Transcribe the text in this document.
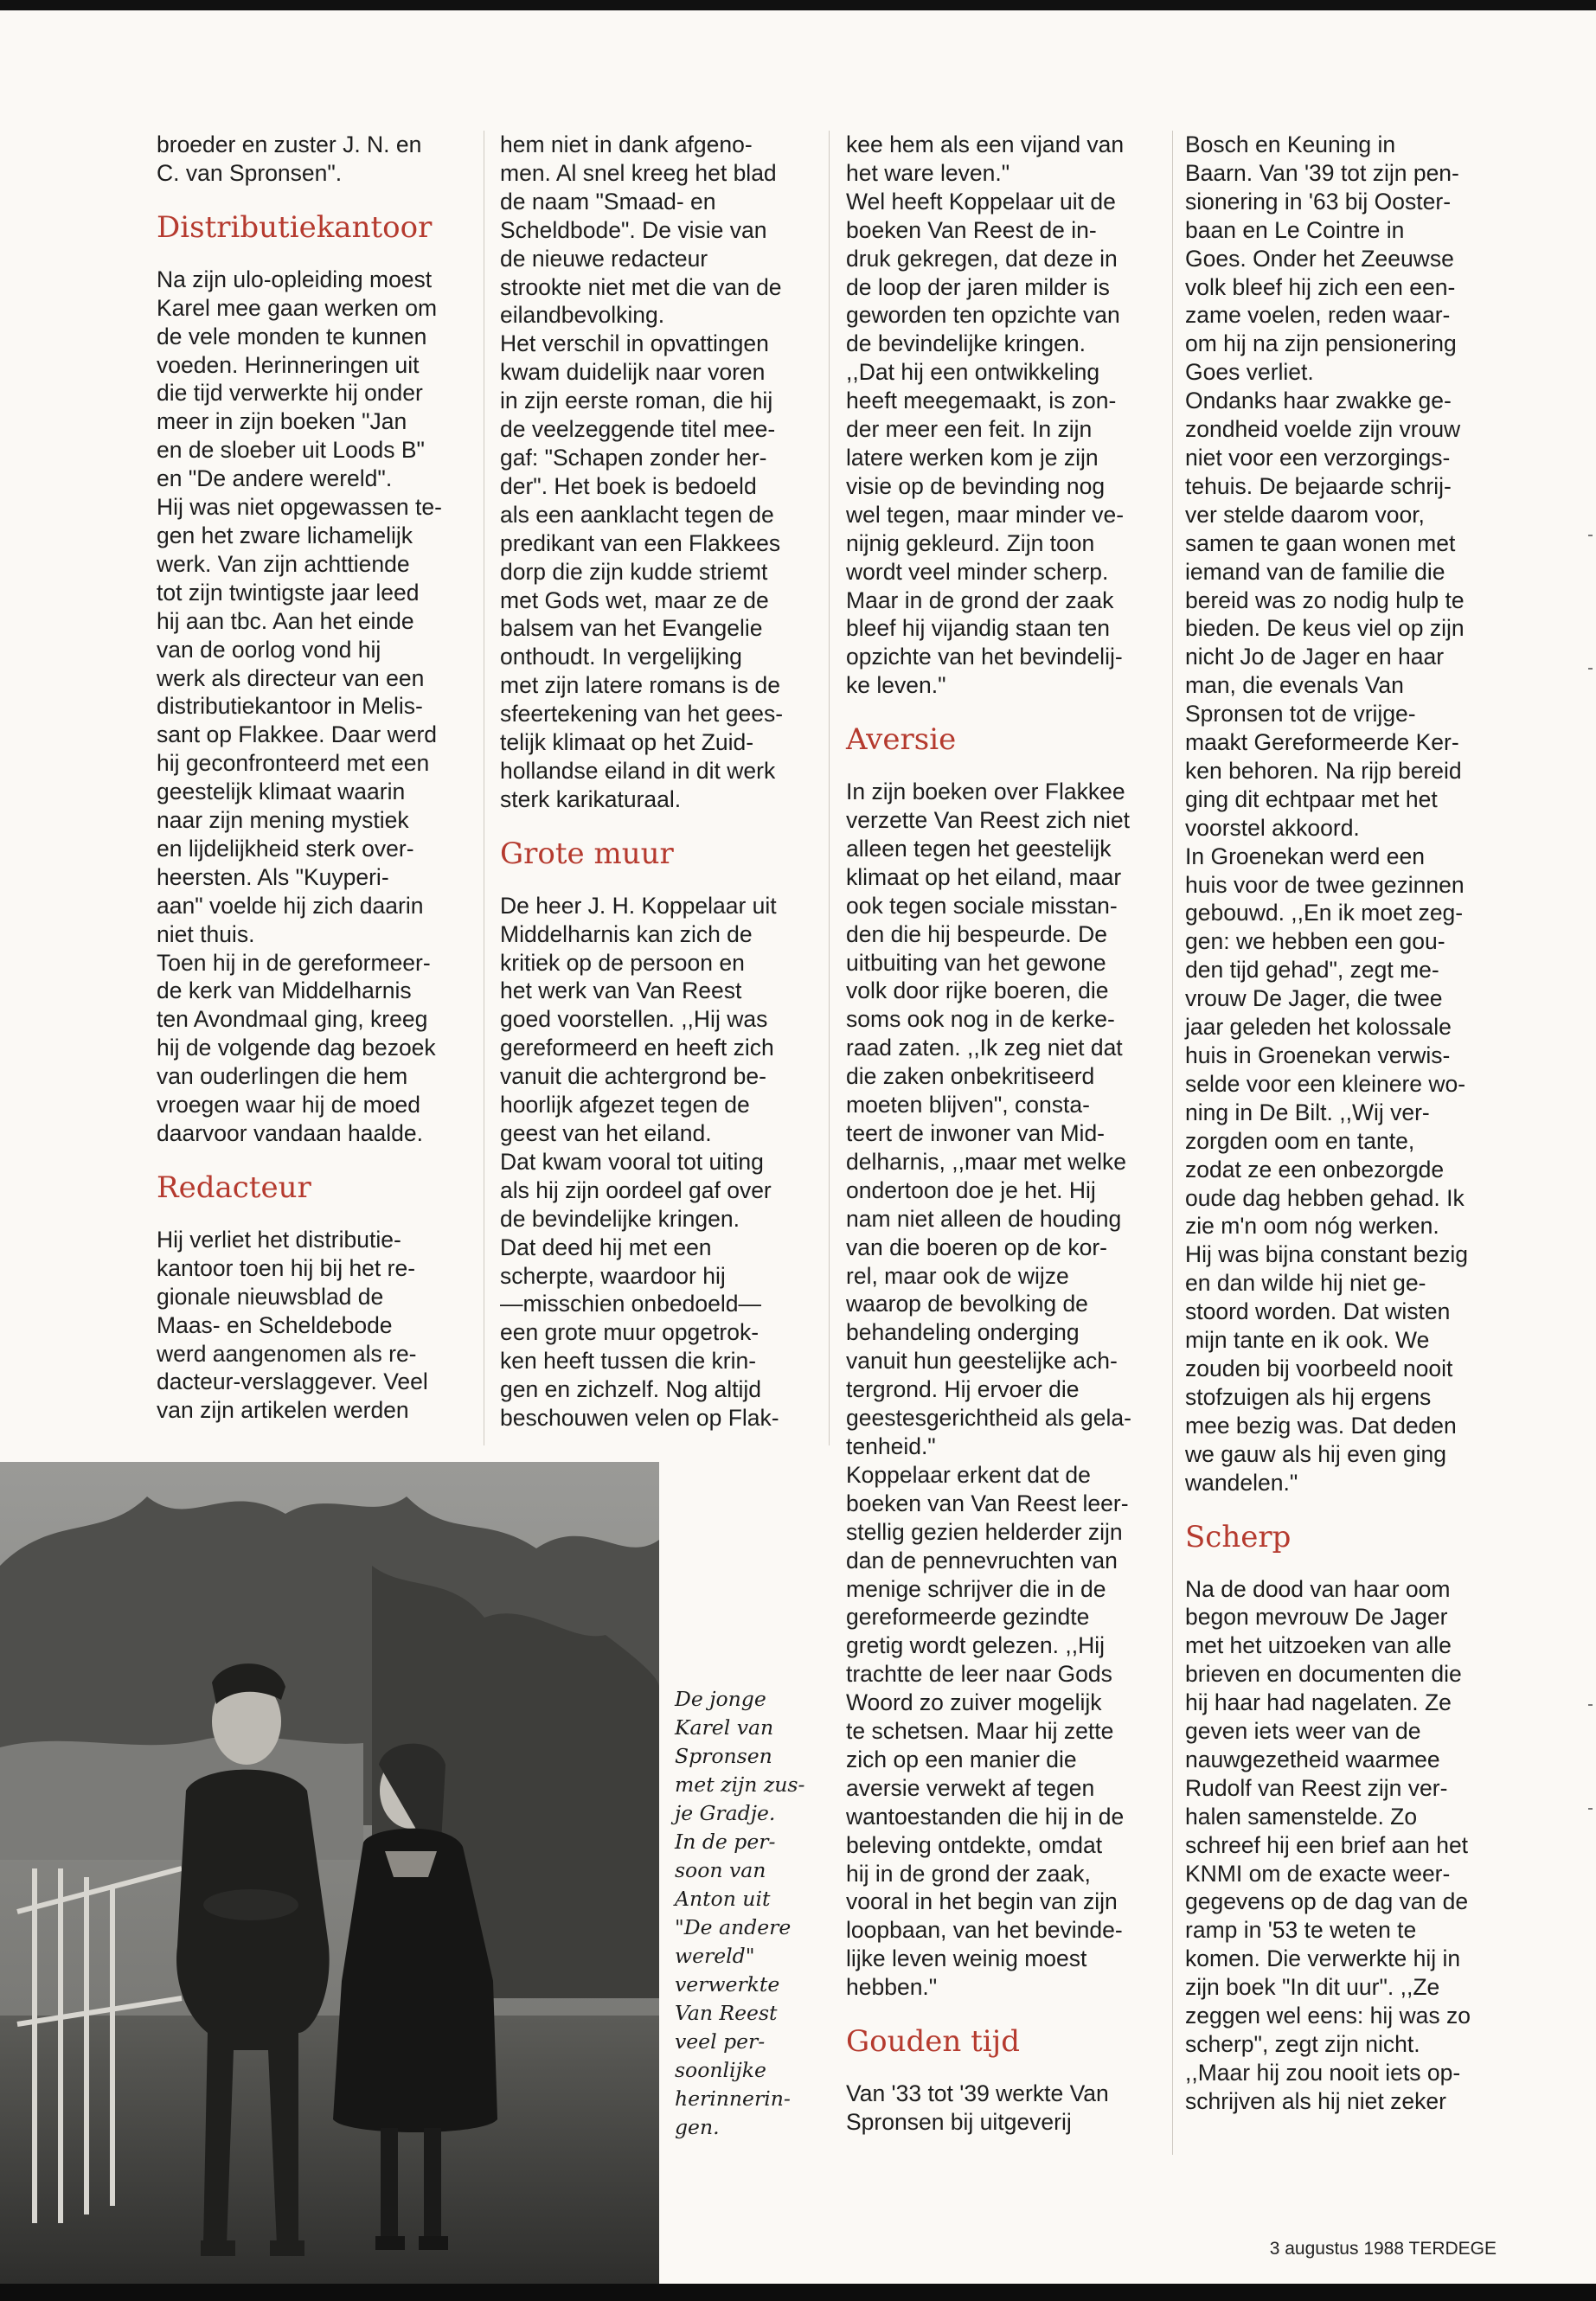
broeder en zuster J. N. en
C. van Spronsen".

Distributiekantoor

Na zijn ulo-opleiding moest
Karel mee gaan werken om
de vele monden te kunnen
voeden. Herinneringen uit
die tijd verwerkte hij onder
meer in zijn boeken "Jan
en de sloeber uit Loods B"
en "De andere wereld".
Hij was niet opgewassen te-
gen het zware lichamelijk
werk. Van zijn achttiende
tot zijn twintigste jaar leed
hij aan tbc. Aan het einde
van de oorlog vond hij
werk als directeur van een
distributiekantoor in Melis-
sant op Flakkee. Daar werd
hij geconfronteerd met een
geestelijk klimaat waarin
naar zijn mening mystiek
en lijdelijkheid sterk over-
heersten. Als "Kuyperi-
aan" voelde hij zich daarin
niet thuis.
Toen hij in de gereformeer-
de kerk van Middelharnis
ten Avondmaal ging, kreeg
hij de volgende dag bezoek
van ouderlingen die hem
vroegen waar hij de moed
daarvoor vandaan haalde.

Redacteur

Hij verliet het distributie-
kantoor toen hij bij het re-
gionale nieuwsblad de
Maas- en Scheldebode
werd aangenomen als re-
dacteur-verslaggever. Veel
van zijn artikelen werden

hem niet in dank afgeno-
men. Al snel kreeg het blad
de naam "Smaad- en
Scheldbode". De visie van
de nieuwe redacteur
strookte niet met die van de
eilandbevolking.
Het verschil in opvattingen
kwam duidelijk naar voren
in zijn eerste roman, die hij
de veelzeggende titel mee-
gaf: "Schapen zonder her-
der". Het boek is bedoeld
als een aanklacht tegen de
predikant van een Flakkees
dorp die zijn kudde striemt
met Gods wet, maar ze de
balsem van het Evangelie
onthoudt. In vergelijking
met zijn latere romans is de
sfeertekening van het gees-
telijk klimaat op het Zuid-
hollandse eiland in dit werk
sterk karikaturaal.

Grote muur

De heer J. H. Koppelaar uit
Middelharnis kan zich de
kritiek op de persoon en
het werk van Van Reest
goed voorstellen. ,,Hij was
gereformeerd en heeft zich
vanuit die achtergrond be-
hoorlijk afgezet tegen de
geest van het eiland.
Dat kwam vooral tot uiting
als hij zijn oordeel gaf over
de bevindelijke kringen.
Dat deed hij met een
scherpte, waardoor hij
—misschien onbedoeld—
een grote muur opgetrok-
ken heeft tussen die krin-
gen en zichzelf. Nog altijd
beschouwen velen op Flak-

kee hem als een vijand van
het ware leven."
Wel heeft Koppelaar uit de
boeken Van Reest de in-
druk gekregen, dat deze in
de loop der jaren milder is
geworden ten opzichte van
de bevindelijke kringen.
,,Dat hij een ontwikkeling
heeft meegemaakt, is zon-
der meer een feit. In zijn
latere werken kom je zijn
visie op de bevinding nog
wel tegen, maar minder ve-
nijnig gekleurd. Zijn toon
wordt veel minder scherp.
Maar in de grond der zaak
bleef hij vijandig staan ten
opzichte van het bevindelij-
ke leven."

Aversie

In zijn boeken over Flakkee
verzette Van Reest zich niet
alleen tegen het geestelijk
klimaat op het eiland, maar
ook tegen sociale misstan-
den die hij bespeurde. De
uitbuiting van het gewone
volk door rijke boeren, die
soms ook nog in de kerke-
raad zaten. ,,Ik zeg niet dat
die zaken onbekritiseerd
moeten blijven", consta-
teert de inwoner van Mid-
delharnis, ,,maar met welke
ondertoon doe je het. Hij
nam niet alleen de houding
van die boeren op de kor-
rel, maar ook de wijze
waarop de bevolking de
behandeling onderging
vanuit hun geestelijke ach-
tergrond. Hij ervoer die
geestesgerichtheid als gela-
tenheid."
Koppelaar erkent dat de
boeken van Van Reest leer-
stellig gezien helderder zijn
dan de pennevruchten van
menige schrijver die in de
gereformeerde gezindte
gretig wordt gelezen. ,,Hij
trachtte de leer naar Gods
Woord zo zuiver mogelijk
te schetsen. Maar hij zette
zich op een manier die
aversie verwekt af tegen
wantoestanden die hij in de
beleving ontdekte, omdat
hij in de grond der zaak,
vooral in het begin van zijn
loopbaan, van het bevinde-
lijke leven weinig moest
hebben."

Gouden tijd

Van '33 tot '39 werkte Van
Spronsen bij uitgeverij

Bosch en Keuning in
Baarn. Van '39 tot zijn pen-
sionering in '63 bij Ooster-
baan en Le Cointre in
Goes. Onder het Zeeuwse
volk bleef hij zich een een-
zame voelen, reden waar-
om hij na zijn pensionering
Goes verliet.
Ondanks haar zwakke ge-
zondheid voelde zijn vrouw
niet voor een verzorgings-
tehuis. De bejaarde schrij-
ver stelde daarom voor,
samen te gaan wonen met
iemand van de familie die
bereid was zo nodig hulp te
bieden. De keus viel op zijn
nicht Jo de Jager en haar
man, die evenals Van
Spronsen tot de vrijge-
maakt Gereformeerde Ker-
ken behoren. Na rijp bereid
ging dit echtpaar met het
voorstel akkoord.
In Groenekan werd een
huis voor de twee gezinnen
gebouwd. ,,En ik moet zeg-
gen: we hebben een gou-
den tijd gehad", zegt me-
vrouw De Jager, die twee
jaar geleden het kolossale
huis in Groenekan verwis-
selde voor een kleinere wo-
ning in De Bilt. ,,Wij ver-
zorgden oom en tante,
zodat ze een onbezorgde
oude dag hebben gehad. Ik
zie m'n oom nóg werken.
Hij was bijna constant bezig
en dan wilde hij niet ge-
stoord worden. Dat wisten
mijn tante en ik ook. We
zouden bij voorbeeld nooit
stofzuigen als hij ergens
mee bezig was. Dat deden
we gauw als hij even ging
wandelen."

Scherp

Na de dood van haar oom
begon mevrouw De Jager
met het uitzoeken van alle
brieven en documenten die
hij haar had nagelaten. Ze
geven iets weer van de
nauwgezetheid waarmee
Rudolf van Reest zijn ver-
halen samenstelde. Zo
schreef hij een brief aan het
KNMI om de exacte weer-
gegevens op de dag van de
ramp in '53 te weten te
komen. Die verwerkte hij in
zijn boek "In dit uur". ,,Ze
zeggen wel eens: hij was zo
scherp", zegt zijn nicht.
,,Maar hij zou nooit iets op-
schrijven als hij niet zeker

De jonge
Karel van
Spronsen
met zijn zus-
je Gradje.
In de per-
soon van
Anton uit
"De andere
wereld"
verwerkte
Van Reest
veel per-
soonlijke
herinnerin-
gen.
3 augustus 1988 TERDEGE
